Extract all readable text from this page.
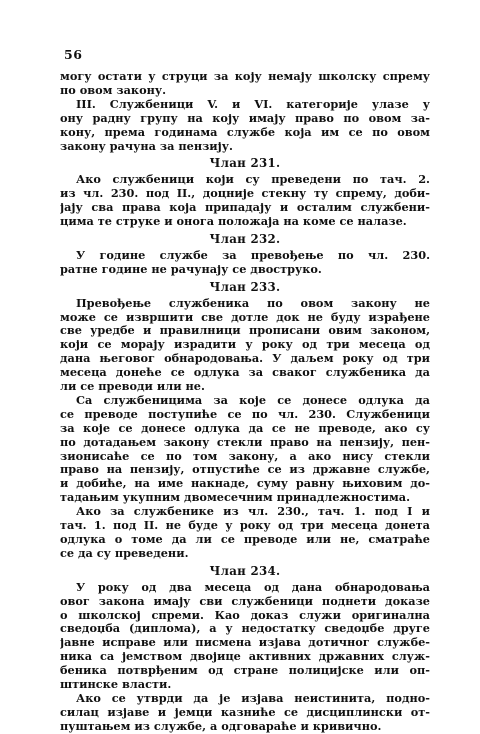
56
могу остати у струци за коју немају школску спрему
по овом закону.
III. Службеници V. и VI. категорије улазе у
ону радну групу на коју имају право по овом за-
кону, према годинама службе која им се по овом
закону рачуна за пензију.
Члан 231.
Ако службеници који су преведени по тач. 2.
из чл. 230. под II., доцније стекну ту спрему, доби-
јају сва права која припадају и осталим службени-
цима те струке и онога положаја на коме се налазе.
Члан 232.
У године службе за превођење по чл. 230.
ратне године не рачунају се двоструко.
Члан 233.
Превођење службеника по овом закону не
може се извршити све дотле док не буду израђене
све уредбе и правилници прописани овим законом,
који се морају израдити у року од три месеца од
дана његовог обнародовања. У даљем року од три
месеца донеће се одлука за сваког службеника да
ли се преводи или не.
Са службеницима за које се донесе одлука да
се преводе поступиће се по чл. 230. Службеници
за које се донесе одлука да се не преводе, ако су
по дотадањем закону стекли право на пензију, пен-
зионисаће се по том закону, а ако нису стекли
право на пензију, отпустиће се из државне службе,
и добиће, на име накнаде, суму равну њиховим до-
тадањим укупним двомесечним принадлежностима.
Ако за службенике из чл. 230., тач. 1. под I и
тач. 1. под II. не буде у року од три месеца донета
одлука о томе да ли се преводе или не, сматраће
се да су преведени.
Члан 234.
У року од два месеца од дана обнародовања
овог закона имају сви службеници поднети доказе
о школској спреми. Као доказ служи оригинална
сведоџба (диплома), а у недостатку сведоџбе друге
јавне исправе или писмена изјава дотичног службе-
ника са јемством двојице активних државних служ-
беника потврђеним од стране полицијске или оп-
штинске власти.
Ако се утврди да је изјава неистинита, подно-
силац изјаве и јемци казниће се дисциплински от-
пуштањем из службе, а одговараће и кривично.
